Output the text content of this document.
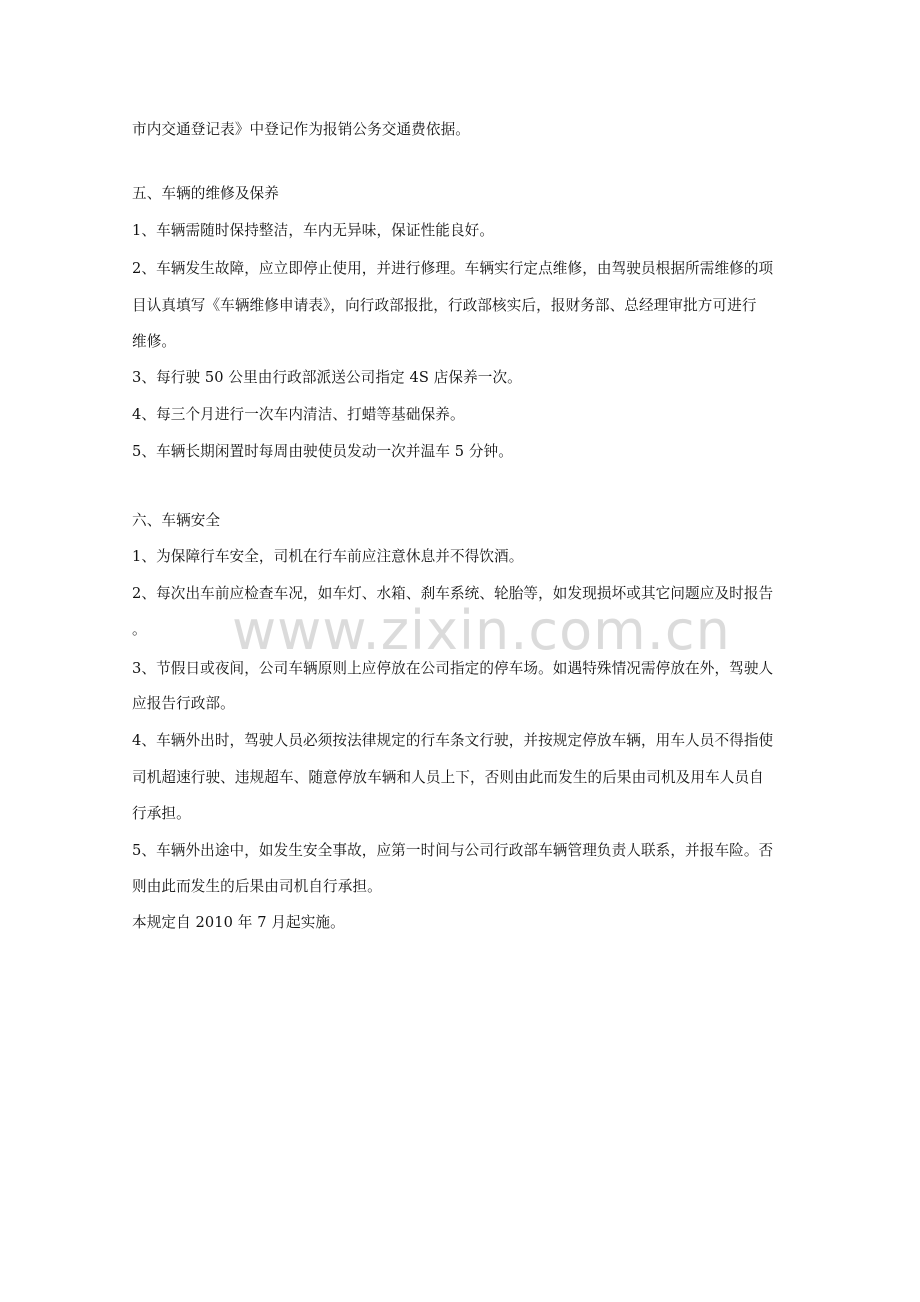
市内交通登记表》中登记作为报销公务交通费依据。
五、车辆的维修及保养
1、车辆需随时保持整洁，车内无异味，保证性能良好。
2、车辆发生故障，应立即停止使用，并进行修理。车辆实行定点维修，由驾驶员根据所需维修的项
目认真填写《车辆维修申请表》，向行政部报批，行政部核实后，报财务部、总经理审批方可进行
维修。
3、每行驶 50 公里由行政部派送公司指定 4S 店保养一次。
4、每三个月进行一次车内清洁、打蜡等基础保养。
5、车辆长期闲置时每周由驶使员发动一次并温车 5 分钟。
六、车辆安全
1、为保障行车安全，司机在行车前应注意休息并不得饮酒。
2、每次出车前应检查车况，如车灯、水箱、刹车系统、轮胎等，如发现损坏或其它问题应及时报告
。
3、节假日或夜间，公司车辆原则上应停放在公司指定的停车场。如遇特殊情况需停放在外，驾驶人
应报告行政部。
4、车辆外出时，驾驶人员必须按法律规定的行车条文行驶，并按规定停放车辆，用车人员不得指使
司机超速行驶、违规超车、随意停放车辆和人员上下，否则由此而发生的后果由司机及用车人员自
行承担。
5、车辆外出途中，如发生安全事故，应第一时间与公司行政部车辆管理负责人联系，并报车险。否
则由此而发生的后果由司机自行承担。
本规定自 2010 年 7 月起实施。
www.zixin.com.cn
